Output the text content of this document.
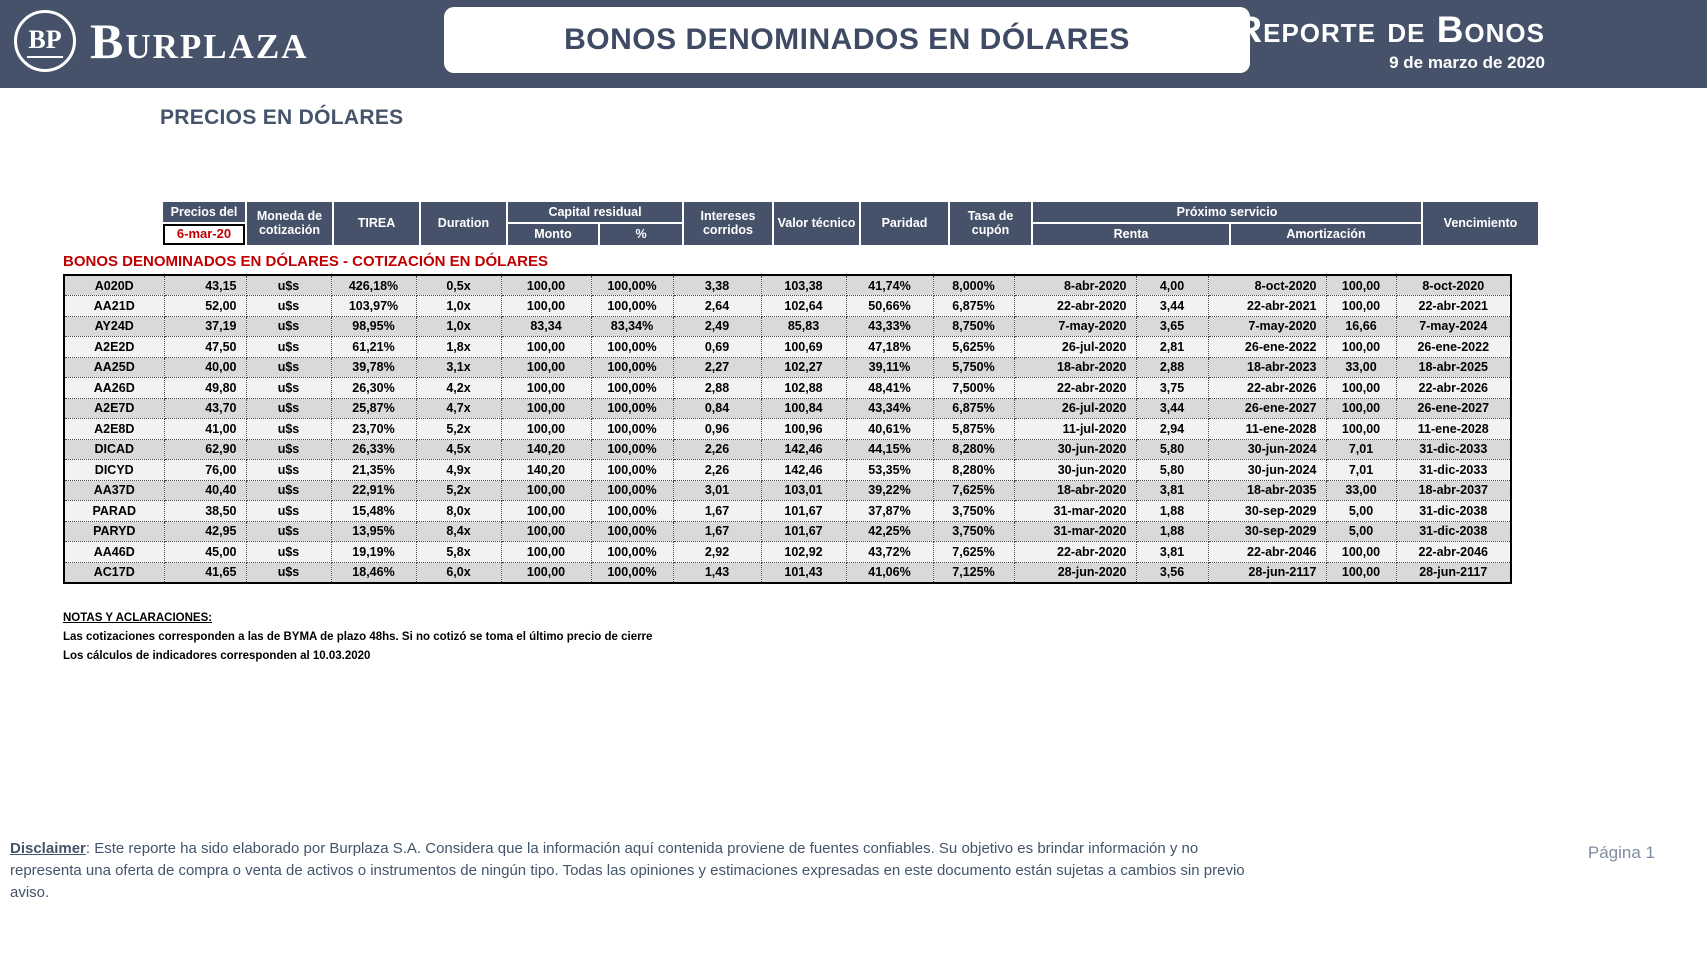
BP Burplaza	BONOS DENOMINADOS EN DÓLARES	Reporte de Bonos
9 de marzo de 2020
PRECIOS EN DÓLARES
Precios del	Moneda de cotización	TIREA	Duration	Capital residual		Intereses corridos	Valor técnico	Paridad	Tasa de cupón	Próximo servicio		Vencimiento
6-mar-20				Monto	%					Renta	Amortización	
BONOS DENOMINADOS EN DÓLARES - COTIZACIÓN EN DÓLARES
A020D	43,15	u$s	426,18%	0,5x	100,00	100,00%	3,38	103,38	41,74%	8,000%	8-abr-2020	4,00	8-oct-2020	100,00	8-oct-2020
AA21D	52,00	u$s	103,97%	1,0x	100,00	100,00%	2,64	102,64	50,66%	6,875%	22-abr-2020	3,44	22-abr-2021	100,00	22-abr-2021
AY24D	37,19	u$s	98,95%	1,0x	83,34	83,34%	2,49	85,83	43,33%	8,750%	7-may-2020	3,65	7-may-2020	16,66	7-may-2024
A2E2D	47,50	u$s	61,21%	1,8x	100,00	100,00%	0,69	100,69	47,18%	5,625%	26-jul-2020	2,81	26-ene-2022	100,00	26-ene-2022
AA25D	40,00	u$s	39,78%	3,1x	100,00	100,00%	2,27	102,27	39,11%	5,750%	18-abr-2020	2,88	18-abr-2023	33,00	18-abr-2025
AA26D	49,80	u$s	26,30%	4,2x	100,00	100,00%	2,88	102,88	48,41%	7,500%	22-abr-2020	3,75	22-abr-2026	100,00	22-abr-2026
A2E7D	43,70	u$s	25,87%	4,7x	100,00	100,00%	0,84	100,84	43,34%	6,875%	26-jul-2020	3,44	26-ene-2027	100,00	26-ene-2027
A2E8D	41,00	u$s	23,70%	5,2x	100,00	100,00%	0,96	100,96	40,61%	5,875%	11-jul-2020	2,94	11-ene-2028	100,00	11-ene-2028
DICAD	62,90	u$s	26,33%	4,5x	140,20	100,00%	2,26	142,46	44,15%	8,280%	30-jun-2020	5,80	30-jun-2024	7,01	31-dic-2033
DICYD	76,00	u$s	21,35%	4,9x	140,20	100,00%	2,26	142,46	53,35%	8,280%	30-jun-2020	5,80	30-jun-2024	7,01	31-dic-2033
AA37D	40,40	u$s	22,91%	5,2x	100,00	100,00%	3,01	103,01	39,22%	7,625%	18-abr-2020	3,81	18-abr-2035	33,00	18-abr-2037
PARAD	38,50	u$s	15,48%	8,0x	100,00	100,00%	1,67	101,67	37,87%	3,750%	31-mar-2020	1,88	30-sep-2029	5,00	31-dic-2038
PARYD	42,95	u$s	13,95%	8,4x	100,00	100,00%	1,67	101,67	42,25%	3,750%	31-mar-2020	1,88	30-sep-2029	5,00	31-dic-2038
AA46D	45,00	u$s	19,19%	5,8x	100,00	100,00%	2,92	102,92	43,72%	7,625%	22-abr-2020	3,81	22-abr-2046	100,00	22-abr-2046
AC17D	41,65	u$s	18,46%	6,0x	100,00	100,00%	1,43	101,43	41,06%	7,125%	28-jun-2020	3,56	28-jun-2117	100,00	28-jun-2117
NOTAS Y ACLARACIONES:
Las cotizaciones corresponden a las de BYMA de plazo 48hs. Si no cotizó se toma el último precio de cierre
Los cálculos de indicadores corresponden al 10.03.2020
Disclaimer: Este reporte ha sido elaborado por Burplaza S.A. Considera que la información aquí contenida proviene de fuentes confiables. Su objetivo es brindar información y no representa una oferta de compra o venta de activos o instrumentos de ningún tipo. Todas las opiniones y estimaciones expresadas en este documento están sujetas a cambios sin previo aviso.
Página 1
